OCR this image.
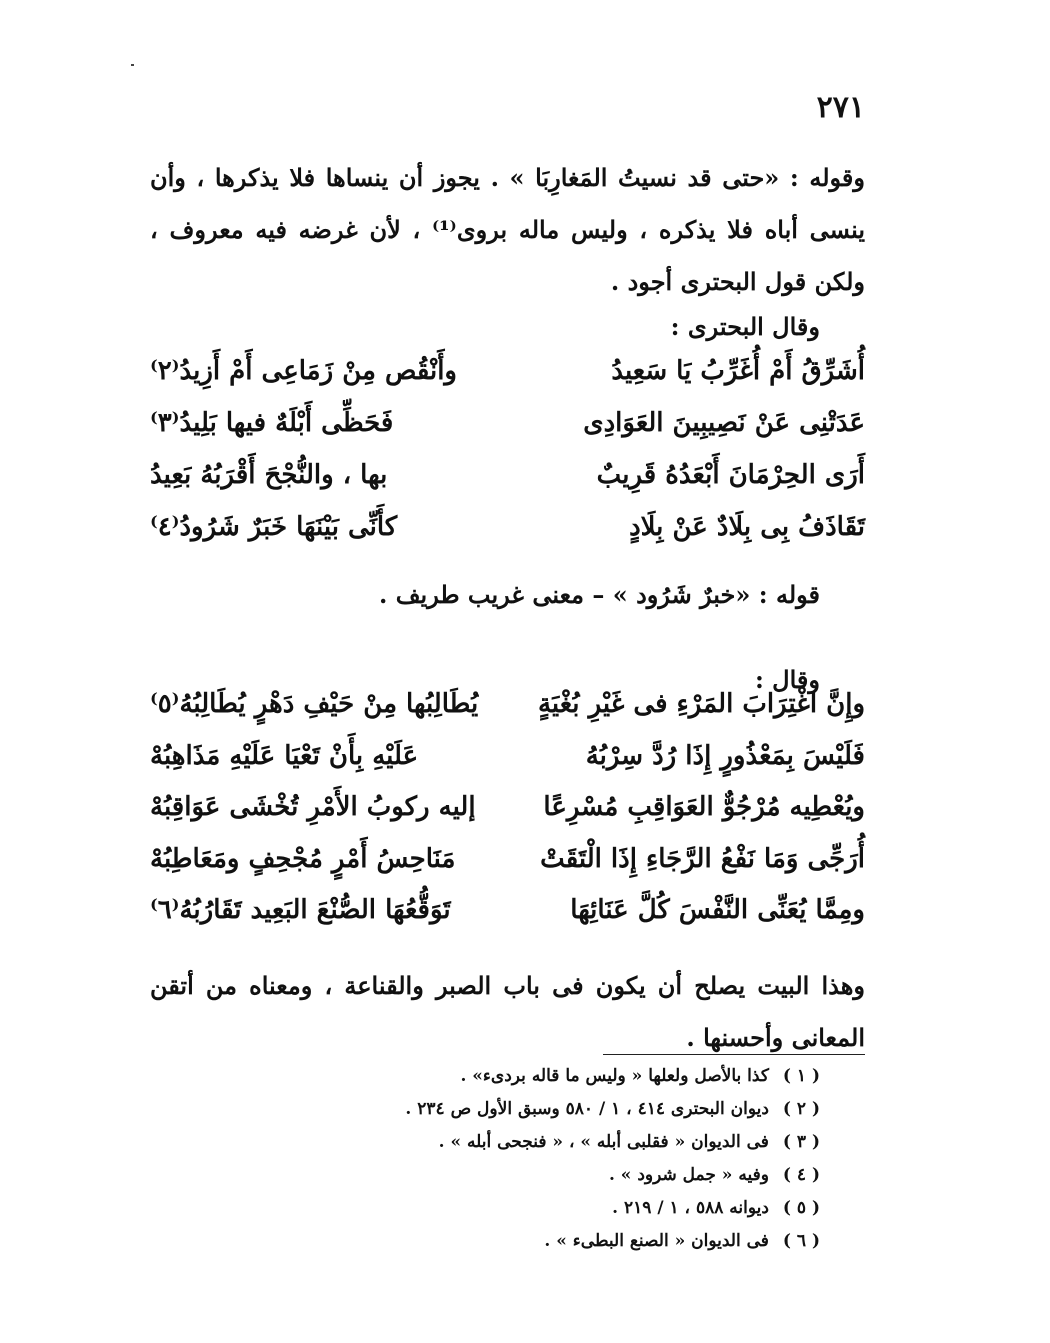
٢٧١

وقوله : «حتى قد نسيتُ المَغارِبَا » . يجوز أن ينساها فلا يذكرها ، وأن ينسى أباه فلا يذكره ، وليس ماله بروى⁽¹⁾ ، لأن غرضه فيه معروف ، ولكن قول البحترى أجود .

وقال البحترى :
أُشَرِّقُ أَمْ أُغَرِّبُ يَا سَعِيدُ
وأَنْقُص مِنْ زَمَاعِى أَمْ أَزِيدُ⁽٢⁾
عَدَتْنِى عَنْ نَصِيبِينَ العَوَادِى
فَحَظِّى أَبْلَهٌ فيها بَلِيدُ⁽٣⁾
أَرَى الحِرْمَانَ أَبْعَدُهُ قَرِيبٌ
بها ، والنُّجْحَ أَقْرَبُهُ بَعِيدُ
تَقَاذَفُ بِى بِلَادٌ عَنْ بِلَادٍ
كأَنِّى بَيْنَهَا خَبَرٌ شَرُودُ⁽٤⁾
قوله : «خبرٌ شَرُود » – معنى غريب طريف .
وقال :
وإِنَّ اغْتِرَابَ المَرْءِ فى غَيْرِ بُغْيَةٍ
يُطَالِبُها مِنْ حَيْفِ دَهْرٍ يُطَالِبُهُ⁽٥⁾
فَلَيْسَ بِمَعْذُورٍ إِذَا رُدَّ سِرْبُهُ
عَلَيْهِ بِأَنْ تَعْيَا عَلَيْهِ مَذَاهِبُهْ
ويُعْطِيه مُرْجُوٌّ العَوَاقِبِ مُسْرِعًا
إليه ركوبُ الأَمْرِ تُخْشَى عَوَاقِبُهْ
أُرَجِّى وَمَا نَفْعُ الرَّجَاءِ إِذَا الْتَقَتْ
مَنَاحِسُ أَمْرٍ مُجْحِفٍ ومَعَاطِبُهْ
ومِمَّا يُعَنِّى النَّفْسَ كُلَّ عَنَائِهَا
تَوَقُّعُهَا الصُّنْعَ البَعِيد تَقَارُبُهُ⁽٦⁾

وهذا البيت يصلح أن يكون فى باب الصبر والقناعة ، ومعناه من أتقن المعانى وأحسنها .

( ١ )كذا بالأصل ولعلها « وليس ما قاله بردىء» .
( ٢ )ديوان البحترى ٤١٤ ، ١ / ٥٨٠ وسبق الأول ص ٢٣٤ .
( ٣ )فى الديوان « فقلبى أبله » ، « فنجحى أبله » .
( ٤ )وفيه « جمل شرود » .
( ٥ )ديوانه ٥٨٨ ، ١ / ٢١٩ .
( ٦ )فى الديوان « الصنع البطىء » .
